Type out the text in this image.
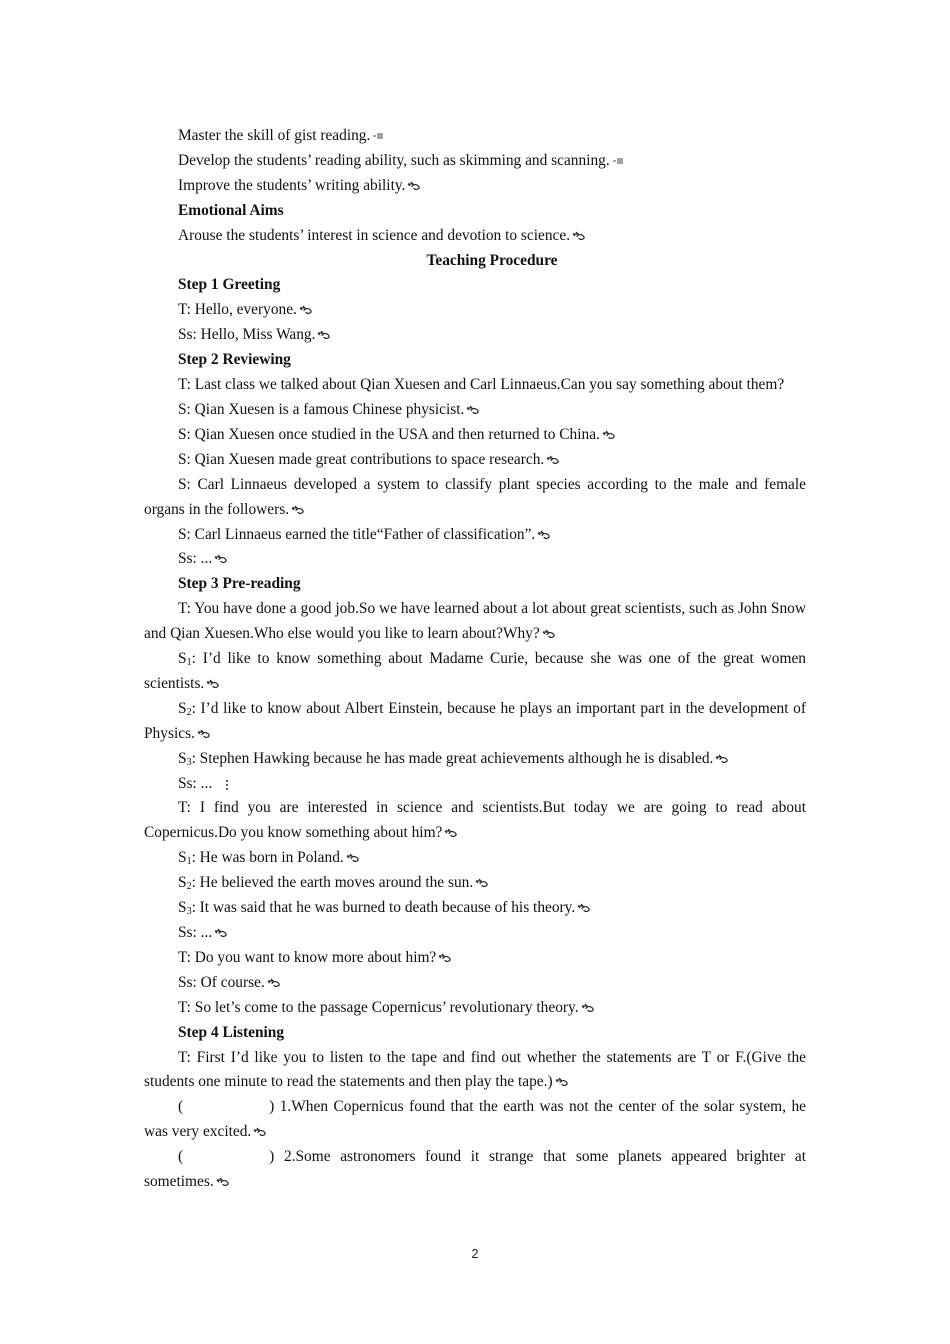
Master the skill of gist reading.

Develop the students’ reading ability, such as skimming and scanning.

Improve the students’ writing ability.

Emotional Aims

Arouse the students’ interest in science and devotion to science.

Teaching Procedure

Step 1 Greeting

T: Hello, everyone.

Ss: Hello, Miss Wang.

Step 2 Reviewing

T: Last class we talked about Qian Xuesen and Carl Linnaeus.Can you say something about them?

S: Qian Xuesen is a famous Chinese physicist.

S: Qian Xuesen once studied in the USA and then returned to China.

S: Qian Xuesen made great contributions to space research.

S: Carl Linnaeus developed a system to classify plant species according to the male and female organs in the followers.

S: Carl Linnaeus earned the title“Father of classification”.

Ss: ...

Step 3 Pre-reading

T: You have done a good job.So we have learned about a lot about great scientists, such as John Snow and Qian Xuesen.Who else would you like to learn about?Why?

$S_1$: I’d like to know something about Madame Curie, because she was one of the great women scientists.

$S_2$: I’d like to know about Albert Einstein, because he plays an important part in the development of Physics.

$S_3$: Stephen Hawking because he has made great achievements although he is disabled.

Ss: ...

T: I find you are interested in science and scientists.But today we are going to read about Copernicus.Do you know something about him?

$S_1$: He was born in Poland.

$S_2$: He believed the earth moves around the sun.

$S_3$: It was said that he was burned to death because of his theory.

Ss: ...

T: Do you want to know more about him?

Ss: Of course.

T: So let’s come to the passage Copernicus’ revolutionary theory.

Step 4 Listening

T: First I’d like you to listen to the tape and find out whether the statements are T or F.(Give the students one minute to read the statements and then play the tape.)

(	) 1.When Copernicus found that the earth was not the center of the solar system, he was very excited.

(	) 2.Some astronomers found it strange that some planets appeared brighter at sometimes.

2
